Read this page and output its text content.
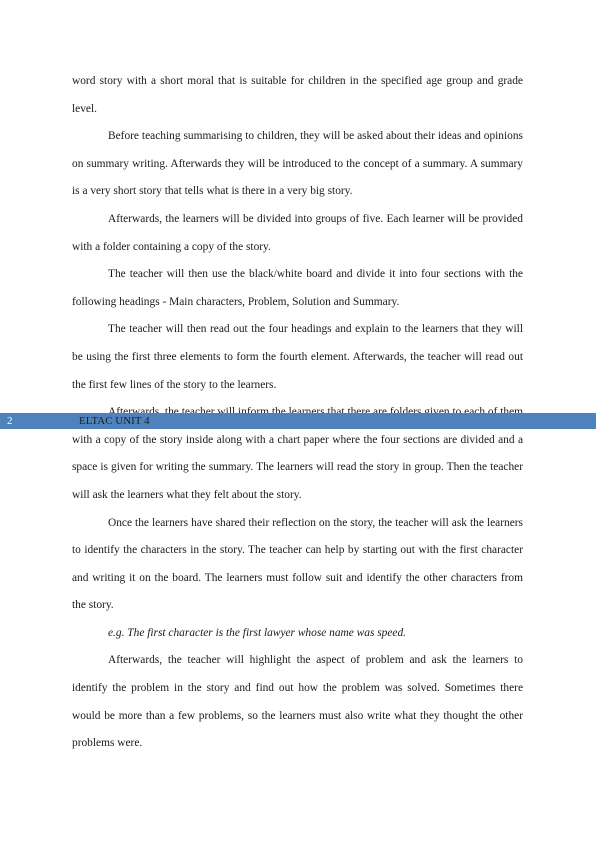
word story with a short moral that is suitable for children in the specified age group and grade level.

Before teaching summarising to children, they will be asked about their ideas and opinions on summary writing. Afterwards they will be introduced to the concept of a summary. A summary is a very short story that tells what is there in a very big story.

Afterwards, the learners will be divided into groups of five. Each learner will be provided with a folder containing a copy of the story.

The teacher will then use the black/white board and divide it into four sections with the following headings - Main characters, Problem, Solution and Summary.

The teacher will then read out the four headings and explain to the learners that they will be using the first three elements to form the fourth element. Afterwards, the teacher will read out the first few lines of the story to the learners.

with a copy of the story inside along with a chart paper where the four sections are divided and a space is given for writing the summary. The learners will read the story in group. Then the teacher will ask the learners what they felt about the story.

Once the learners have shared their reflection on the story, the teacher will ask the learners to identify the characters in the story. The teacher can help by starting out with the first character and writing it on the board. The learners must follow suit and identify the other characters from the story.

e.g. The first character is the first lawyer whose name was speed.

Afterwards, the teacher will highlight the aspect of problem and ask the learners to identify the problem in the story and find out how the problem was solved. Sometimes there would be more than a few problems, so the learners must also write what they thought the other problems were.

2	ELTAC UNIT 4
